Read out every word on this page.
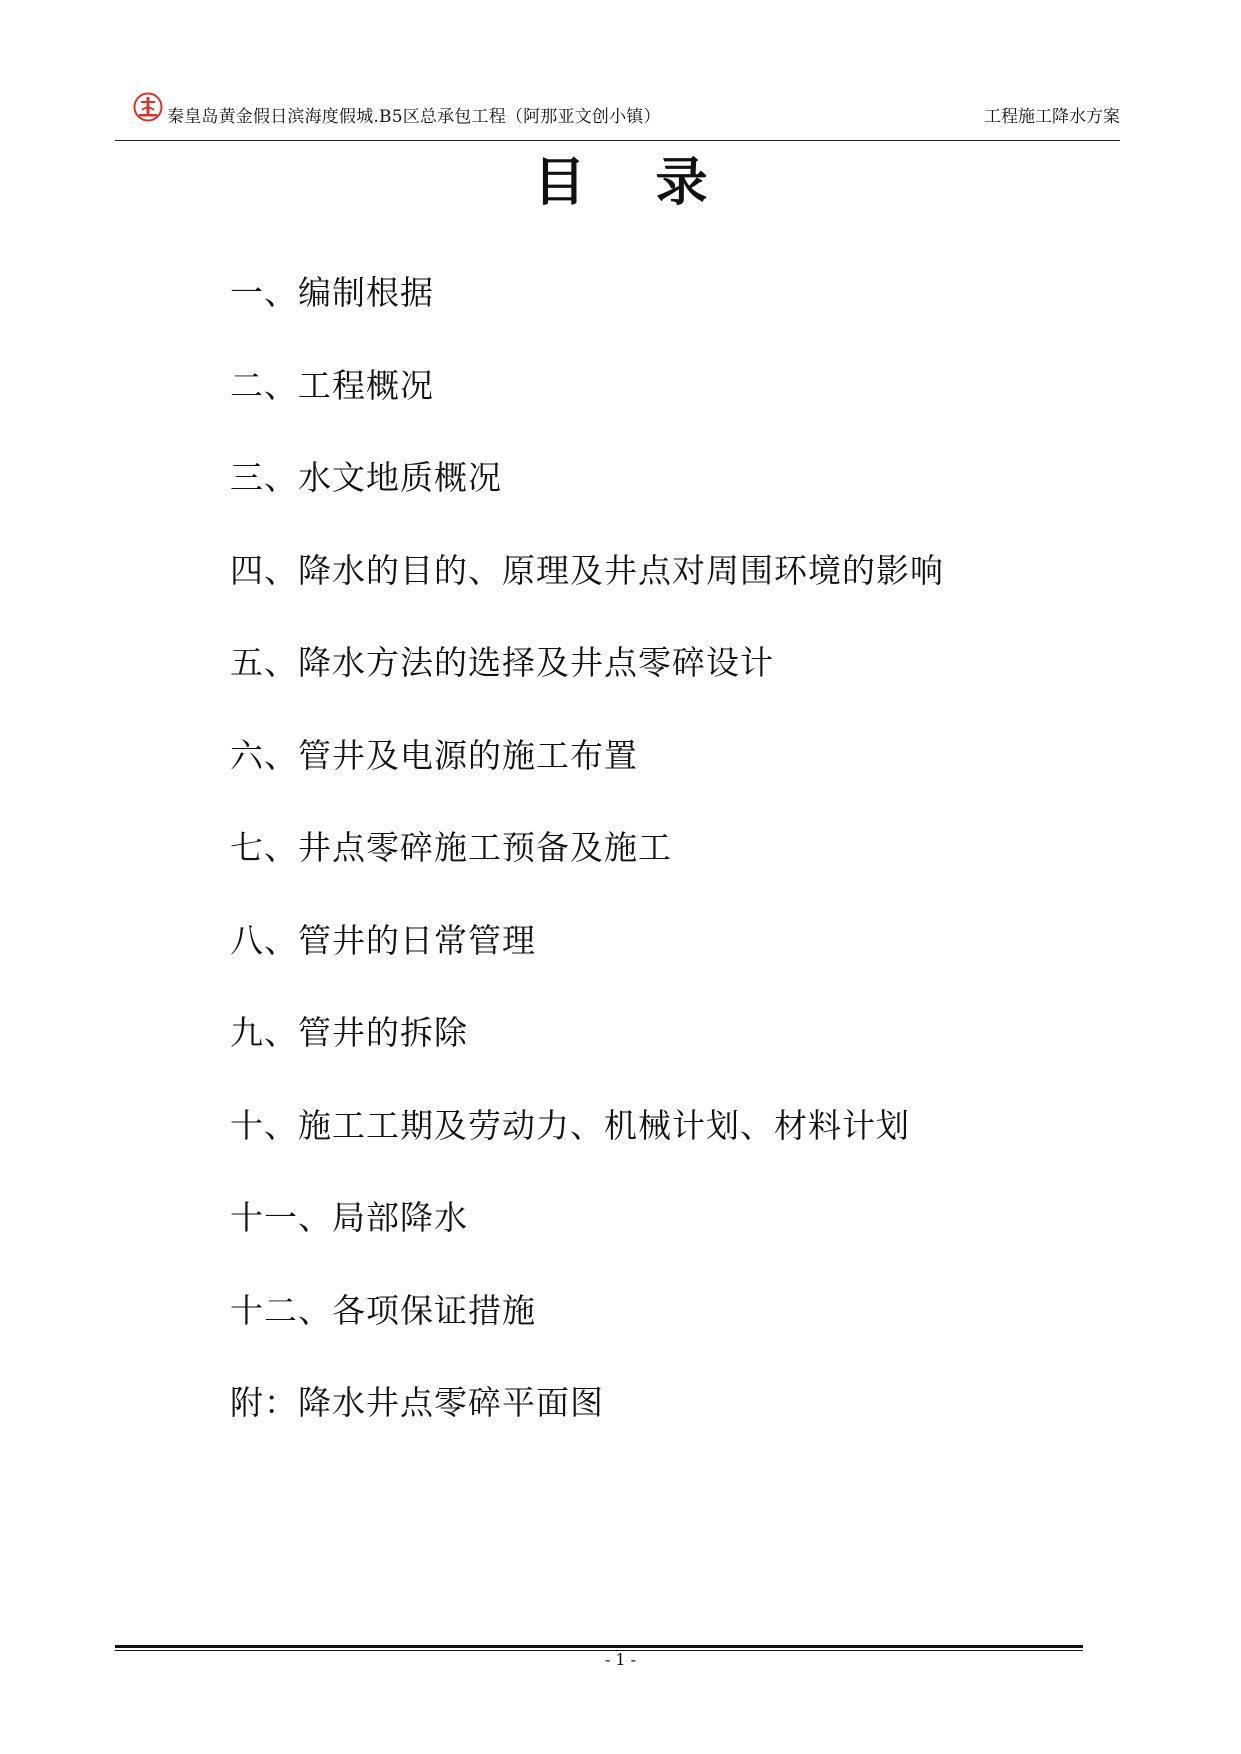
秦皇岛黄金假日滨海度假城.B5区总承包工程（阿那亚文创小镇）	工程施工降水方案
目录
一、编制根据
二、工程概况
三、水文地质概况
四、降水的目的、原理及井点对周围环境的影响
五、降水方法的选择及井点零碎设计
六、管井及电源的施工布置
七、井点零碎施工预备及施工
八、管井的日常管理
九、管井的拆除
十、施工工期及劳动力、机械计划、材料计划
十一、局部降水
十二、各项保证措施
附：降水井点零碎平面图
- 1 -
